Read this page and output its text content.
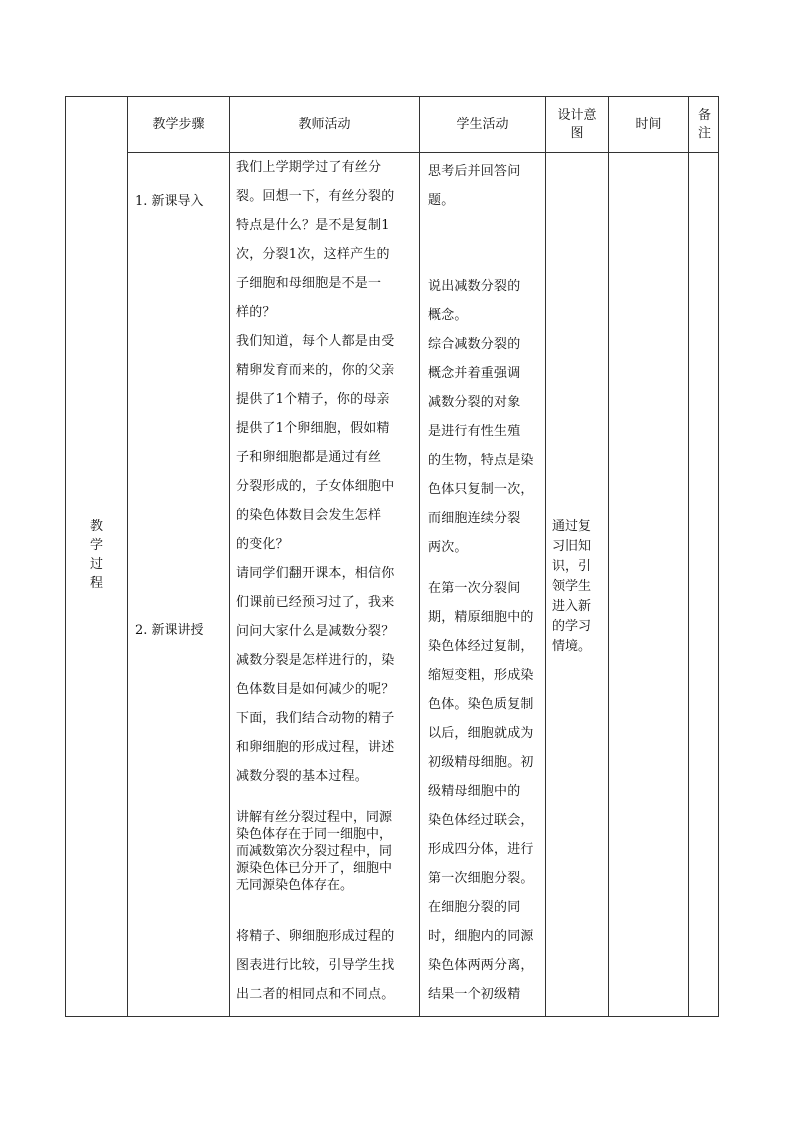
教
学
过
程
教学步骤	教师活动	学生活动
设计意
图
时间
备
注
1. 新课导入
2. 新课讲授

我们上学期学过了有丝分

裂。回想一下，有丝分裂的

特点是什么？是不是复制1

次，分裂1次，这样产生的

子细胞和母细胞是不是一

样的？

我们知道，每个人都是由受

精卵发育而来的，你的父亲

提供了1个精子，你的母亲

提供了1个卵细胞，假如精

子和卵细胞都是通过有丝

分裂形成的，子女体细胞中

的染色体数目会发生怎样

的变化？

请同学们翻开课本，相信你

们课前已经预习过了，我来

问问大家什么是减数分裂？

减数分裂是怎样进行的，染

色体数目是如何减少的呢？

下面，我们结合动物的精子

和卵细胞的形成过程，讲述

减数分裂的基本过程。

讲解有丝分裂过程中，同源
染色体存在于同一细胞中，
而减数第次分裂过程中，同
源染色体已分开了，细胞中
无同源染色体存在。

将精子、卵细胞形成过程的

图表进行比较，引导学生找

出二者的相同点和不同点。

思考后并回答问

题。

说出减数分裂的

概念。

综合减数分裂的

概念并着重强调

减数分裂的对象

是进行有性生殖

的生物，特点是染

色体只复制一次，

而细胞连续分裂

两次。

在第一次分裂间

期，精原细胞中的

染色体经过复制，

缩短变粗，形成染

色体。染色质复制

以后，细胞就成为

初级精母细胞。初

级精母细胞中的

染色体经过联会，

形成四分体，进行

第一次细胞分裂。

在细胞分裂的同

时，细胞内的同源

染色体两两分离，

结果一个初级精

通过复
习旧知
识，引
领学生
进入新
的学习
情境。
